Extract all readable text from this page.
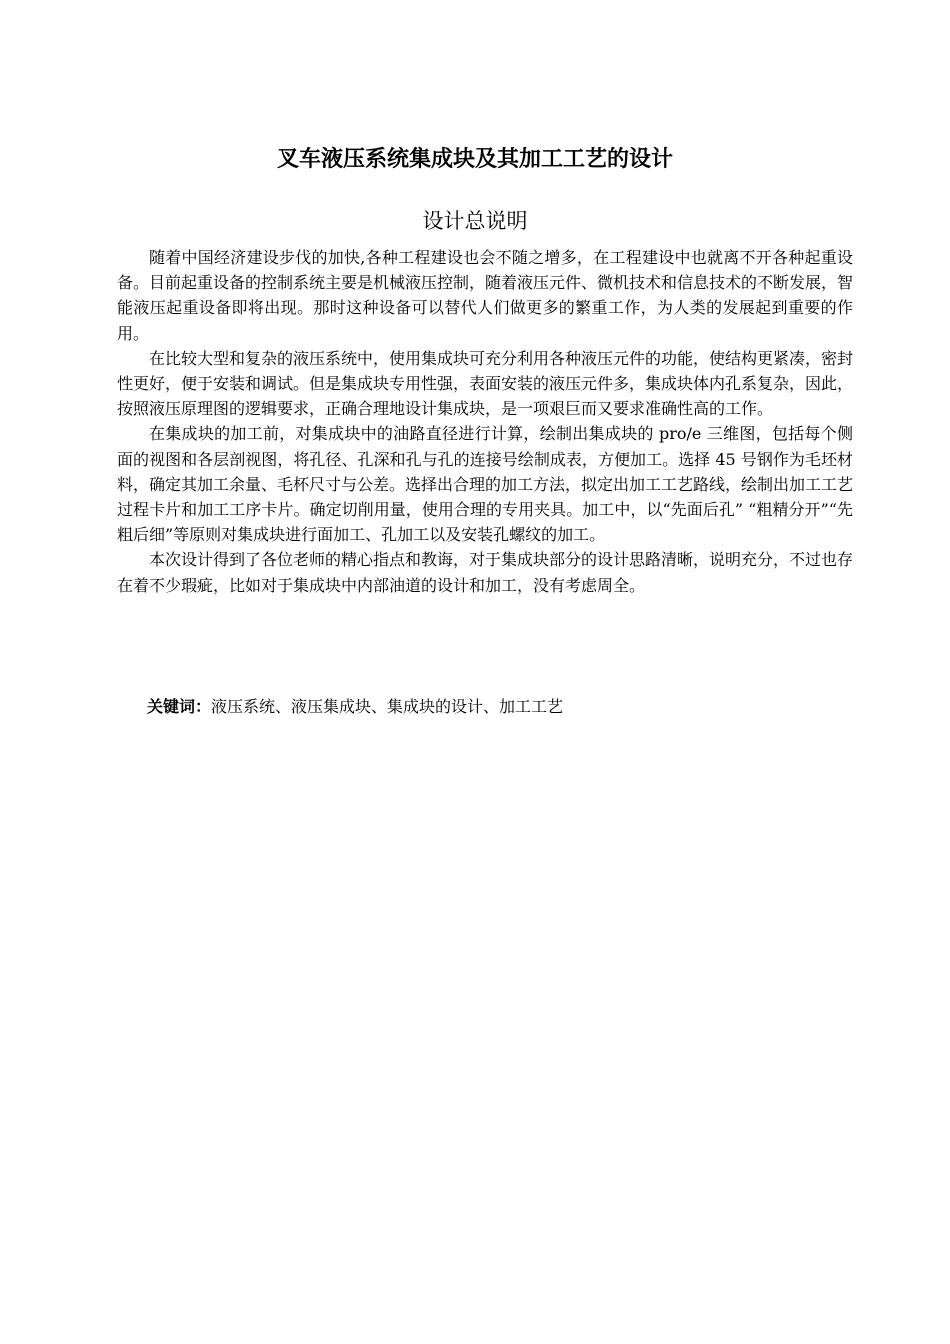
叉车液压系统集成块及其加工工艺的设计
设计总说明

随着中国经济建设步伐的加快,各种工程建设也会不随之增多，在工程建设中也就离不开各种起重设备。目前起重设备的控制系统主要是机械液压控制，随着液压元件、微机技术和信息技术的不断发展，智能液压起重设备即将出现。那时这种设备可以替代人们做更多的繁重工作，为人类的发展起到重要的作用。

在比较大型和复杂的液压系统中，使用集成块可充分利用各种液压元件的功能，使结构更紧凑，密封性更好，便于安装和调试。但是集成块专用性强，表面安装的液压元件多，集成块体内孔系复杂，因此，按照液压原理图的逻辑要求，正确合理地设计集成块，是一项艰巨而又要求准确性高的工作。

在集成块的加工前，对集成块中的油路直径进行计算，绘制出集成块的 pro/e 三维图，包括每个侧面的视图和各层剖视图，将孔径、孔深和孔与孔的连接号绘制成表，方便加工。选择 45 号钢作为毛坯材料，确定其加工余量、毛杯尺寸与公差。选择出合理的加工方法，拟定出加工工艺路线，绘制出加工工艺过程卡片和加工工序卡片。确定切削用量，使用合理的专用夹具。加工中，以“先面后孔” “粗精分开”“先粗后细”等原则对集成块进行面加工、孔加工以及安装孔螺纹的加工。

本次设计得到了各位老师的精心指点和教诲，对于集成块部分的设计思路清晰，说明充分，不过也存在着不少瑕疵，比如对于集成块中内部油道的设计和加工，没有考虑周全。

关键词：液压系统、液压集成块、集成块的设计、加工工艺
